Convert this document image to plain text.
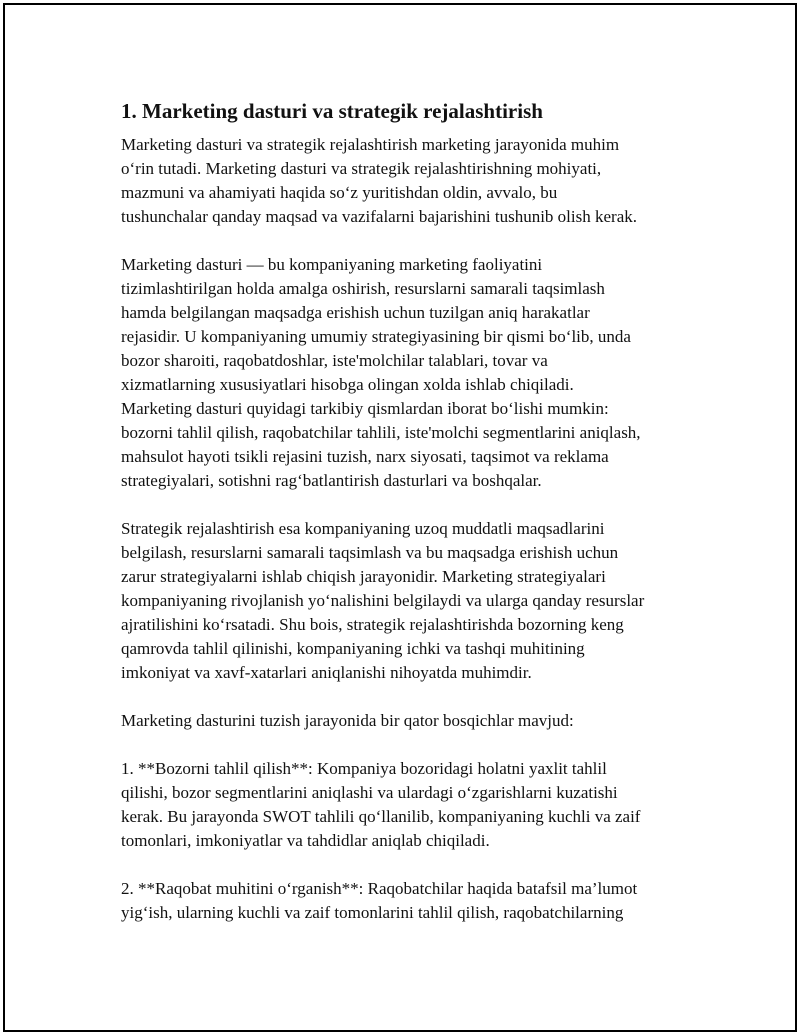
1. Marketing dasturi va strategik rejalashtirish

Marketing dasturi va strategik rejalashtirish marketing jarayonida muhim
o‘rin tutadi. Marketing dasturi va strategik rejalashtirishning mohiyati,
mazmuni va ahamiyati haqida so‘z yuritishdan oldin, avvalo, bu
tushunchalar qanday maqsad va vazifalarni bajarishini tushunib olish kerak.

Marketing dasturi — bu kompaniyaning marketing faoliyatini
tizimlashtirilgan holda amalga oshirish, resurslarni samarali taqsimlash
hamda belgilangan maqsadga erishish uchun tuzilgan aniq harakatlar
rejasidir. U kompaniyaning umumiy strategiyasining bir qismi bo‘lib, unda
bozor sharoiti, raqobatdoshlar, iste'molchilar talablari, tovar va
xizmatlarning xususiyatlari hisobga olingan xolda ishlab chiqiladi.
Marketing dasturi quyidagi tarkibiy qismlardan iborat bo‘lishi mumkin:
bozorni tahlil qilish, raqobatchilar tahlili, iste'molchi segmentlarini aniqlash,
mahsulot hayoti tsikli rejasini tuzish, narx siyosati, taqsimot va reklama
strategiyalari, sotishni rag‘batlantirish dasturlari va boshqalar.

Strategik rejalashtirish esa kompaniyaning uzoq muddatli maqsadlarini
belgilash, resurslarni samarali taqsimlash va bu maqsadga erishish uchun
zarur strategiyalarni ishlab chiqish jarayonidir. Marketing strategiyalari
kompaniyaning rivojlanish yo‘nalishini belgilaydi va ularga qanday resurslar
ajratilishini ko‘rsatadi. Shu bois, strategik rejalashtirishda bozorning keng
qamrovda tahlil qilinishi, kompaniyaning ichki va tashqi muhitining
imkoniyat va xavf-xatarlari aniqlanishi nihoyatda muhimdir.

Marketing dasturini tuzish jarayonida bir qator bosqichlar mavjud:

1. **Bozorni tahlil qilish**: Kompaniya bozoridagi holatni yaxlit tahlil
qilishi, bozor segmentlarini aniqlashi va ulardagi o‘zgarishlarni kuzatishi
kerak. Bu jarayonda SWOT tahlili qo‘llanilib, kompaniyaning kuchli va zaif
tomonlari, imkoniyatlar va tahdidlar aniqlab chiqiladi.

2. **Raqobat muhitini o‘rganish**: Raqobatchilar haqida batafsil ma’lumot
yig‘ish, ularning kuchli va zaif tomonlarini tahlil qilish, raqobatchilarning
